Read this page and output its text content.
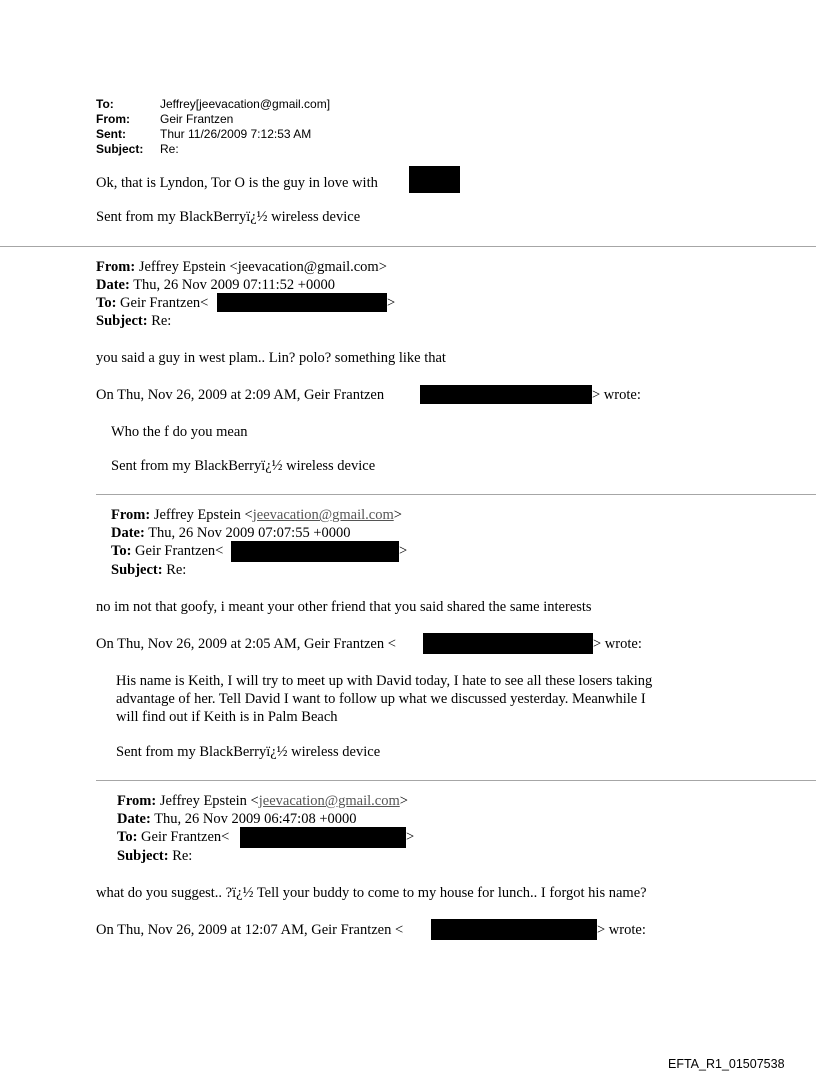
To:	Jeffrey[jeevacation@gmail.com]
From:	Geir Frantzen
Sent:	Thur 11/26/2009 7:12:53 AM
Subject: Re:
Ok, that is Lyndon, Tor O is the guy in love with
Sent from my BlackBerryï¿½ wireless device
From: Jeffrey Epstein <jeevacation@gmail.com>
Date: Thu, 26 Nov 2009 07:11:52 +0000
To: Geir Frantzen<	>
Subject: Re:
you said a guy in west plam.. Lin? polo? something like that
On Thu, Nov 26, 2009 at 2:09 AM, Geir Frantzen	> wrote:
Who the f do you mean
Sent from my BlackBerryï¿½ wireless device
From: Jeffrey Epstein <jeevacation@gmail.com>
Date: Thu, 26 Nov 2009 07:07:55 +0000
To: Geir Frantzen<	>
Subject: Re:
no im not that goofy, i meant your other friend that you said shared the same interests
On Thu, Nov 26, 2009 at 2:05 AM, Geir Frantzen <	> wrote:
His name is Keith, I will try to meet up with David today, I hate to see all these losers taking
advantage of her. Tell David I want to follow up what we discussed yesterday. Meanwhile I
will find out if Keith is in Palm Beach
Sent from my BlackBerryï¿½ wireless device
From: Jeffrey Epstein <jeevacation@gmail.com>
Date: Thu, 26 Nov 2009 06:47:08 +0000
To: Geir Frantzen<	>
Subject: Re:
what do you suggest.. ?ï¿½ Tell your buddy to come to my house for lunch.. I forgot his name?
On Thu, Nov 26, 2009 at 12:07 AM, Geir Frantzen <	> wrote:
EFTA_R1_01507538
